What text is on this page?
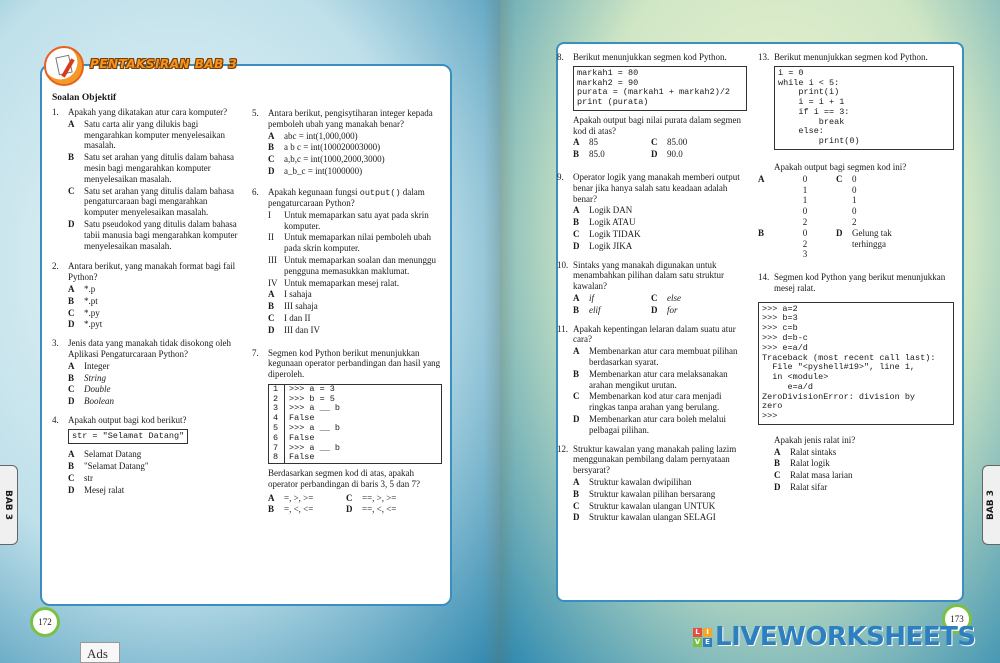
PENTAKSIRAN BAB 3
Soalan Objektif
1.	Apakah yang dikatakan atur cara komputer?
A	Satu carta alir yang dilukis bagi mengarahkan komputer menyelesaikan masalah.
B	Satu set arahan yang ditulis dalam bahasa mesin bagi mengarahkan komputer menyelesaikan masalah.
C	Satu set arahan yang ditulis dalam bahasa pengaturcaraan bagi mengarahkan komputer menyelesaikan masalah.
D	Satu pseudokod yang ditulis dalam bahasa tabii manusia bagi mengarahkan komputer menyelesaikan masalah.
2.	Antara berikut, yang manakah format bagi fail Python?
A	*.p
B	*.pt
C	*.py
D	*.pyt
3.	Jenis data yang manakah tidak disokong oleh Aplikasi Pengaturcaraan Python?
A	Integer
B	String
C	Double
D	Boolean
4.	Apakah output bagi kod berikut?
str = "Selamat Datang"
A	Selamat Datang
B	"Selamat Datang"
C	str
D	Mesej ralat
5.	Antara berikut, pengisytiharan integer kepada pemboleh ubah yang manakah benar?
A	abc = int(1,000,000)
B	a b c = int(100020003000)
C	a,b,c = int(1000,2000,3000)
D	a_b_c = int(1000000)
6.	Apakah kegunaan fungsi output() dalam pengaturcaraan Python?
I	Untuk memaparkan satu ayat pada skrin komputer.
II	Untuk memaparkan nilai pemboleh ubah pada skrin komputer.
III Untuk memaparkan soalan dan menunggu pengguna memasukkan maklumat.
IV Untuk memaparkan mesej ralat.
A	I sahaja
B	III sahaja
C	I dan II
D	III dan IV
7.	Segmen kod Python berikut menunjukkan kegunaan operator perbandingan dan hasil yang diperoleh.
1	>>> a = 3
2	>>> b = 5
3	>>> a __ b
4	False
5	>>> a __ b
6	False
7	>>> a __ b
8	False
Berdasarkan segmen kod di atas, apakah operator perbandingan di baris 3, 5 dan 7?
A	=, >, >=	C	==, >, >=
B	=, <, <=	D	==, <, <=
8.	Berikut menunjukkan segmen kod Python.
markah1 = 80
markah2 = 90
purata = (markah1 + markah2)/2
print (purata)
Apakah output bagi nilai purata dalam segmen kod di atas?
A	85	C	85.00
B	85.0	D	90.0
9.	Operator logik yang manakah memberi output benar jika hanya salah satu keadaan adalah benar?
A	Logik DAN
B	Logik ATAU
C	Logik TIDAK
D	Logik JIKA
10. Sintaks yang manakah digunakan untuk menambahkan pilihan dalam satu struktur kawalan?
A	if	C	else
B	elif	D	for
11. Apakah kepentingan lelaran dalam suatu atur cara?
A	Membenarkan atur cara membuat pilihan berdasarkan syarat.
B	Membenarkan atur cara melaksanakan arahan mengikut urutan.
C	Membenarkan kod atur cara menjadi ringkas tanpa arahan yang berulang.
D	Membenarkan atur cara boleh melalui pelbagai pilihan.
12. Struktur kawalan yang manakah paling lazim menggunakan pembilang dalam pernyataan bersyarat?
A	Struktur kawalan dwipilihan
B	Struktur kawalan pilihan bersarang
C	Struktur kawalan ulangan UNTUK
D	Struktur kawalan ulangan SELAGI
13. Berikut menunjukkan segmen kod Python.
i = 0
while i < 5:
print(i)
i = i + 1
if i == 3:
break
else:
print(0)
Apakah output bagi segmen kod ini?
A	0	C	0
1	0
1	1
0	0
2	2
B	0	D	Gelung tak terhingga
2
3
14. Segmen kod Python yang berikut menunjukkan mesej ralat.
>>> a=2
>>> b=3
>>> c=b
>>> d=b-c
>>> e=a/d
Traceback (most recent call last):
File "<pyshell#19>", line 1,
in <module>
e=a/d
ZeroDivisionError: division by
zero
>>>
Apakah jenis ralat ini?
A	Ralat sintaks
B	Ralat logik
C	Ralat masa larian
D	Ralat sifar
BAB 3	BAB 3
172	173
Ads
L I
V E LIVEWORKSHEETS
